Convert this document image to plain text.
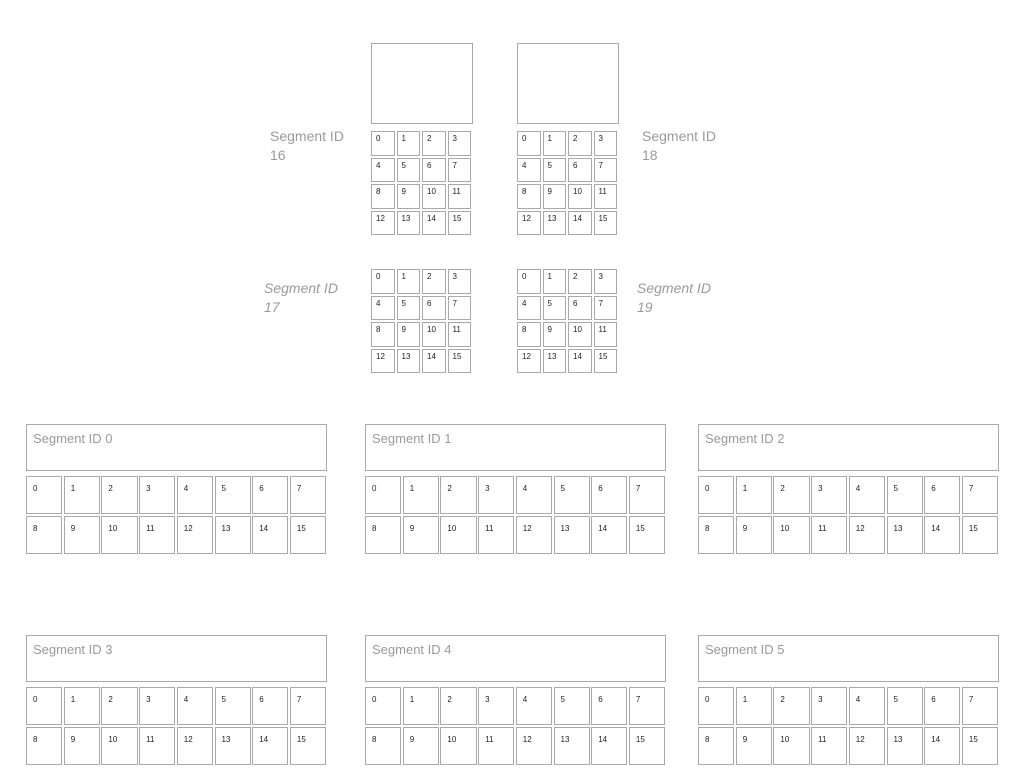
Segment ID
16
0	1	2	3
4	5	6	7
8	9	10	11
12	13	14	15
Segment ID
18
0	1	2	3
4	5	6	7
8	9	10	11
12	13	14	15
Segment ID
17
0	1	2	3
4	5	6	7
8	9	10	11
12	13	14	15
Segment ID
19
0	1	2	3
4	5	6	7
8	9	10	11
12	13	14	15
Segment ID 0
0	1	2	3	4	5	6	7
8	9	10	11	12	13	14	15
Segment ID 1
0	1	2	3	4	5	6	7
8	9	10	11	12	13	14	15
Segment ID 2
0	1	2	3	4	5	6	7
8	9	10	11	12	13	14	15
Segment ID 3
0	1	2	3	4	5	6	7
8	9	10	11	12	13	14	15
Segment ID 4
0	1	2	3	4	5	6	7
8	9	10	11	12	13	14	15
Segment ID 5
0	1	2	3	4	5	6	7
8	9	10	11	12	13	14	15
